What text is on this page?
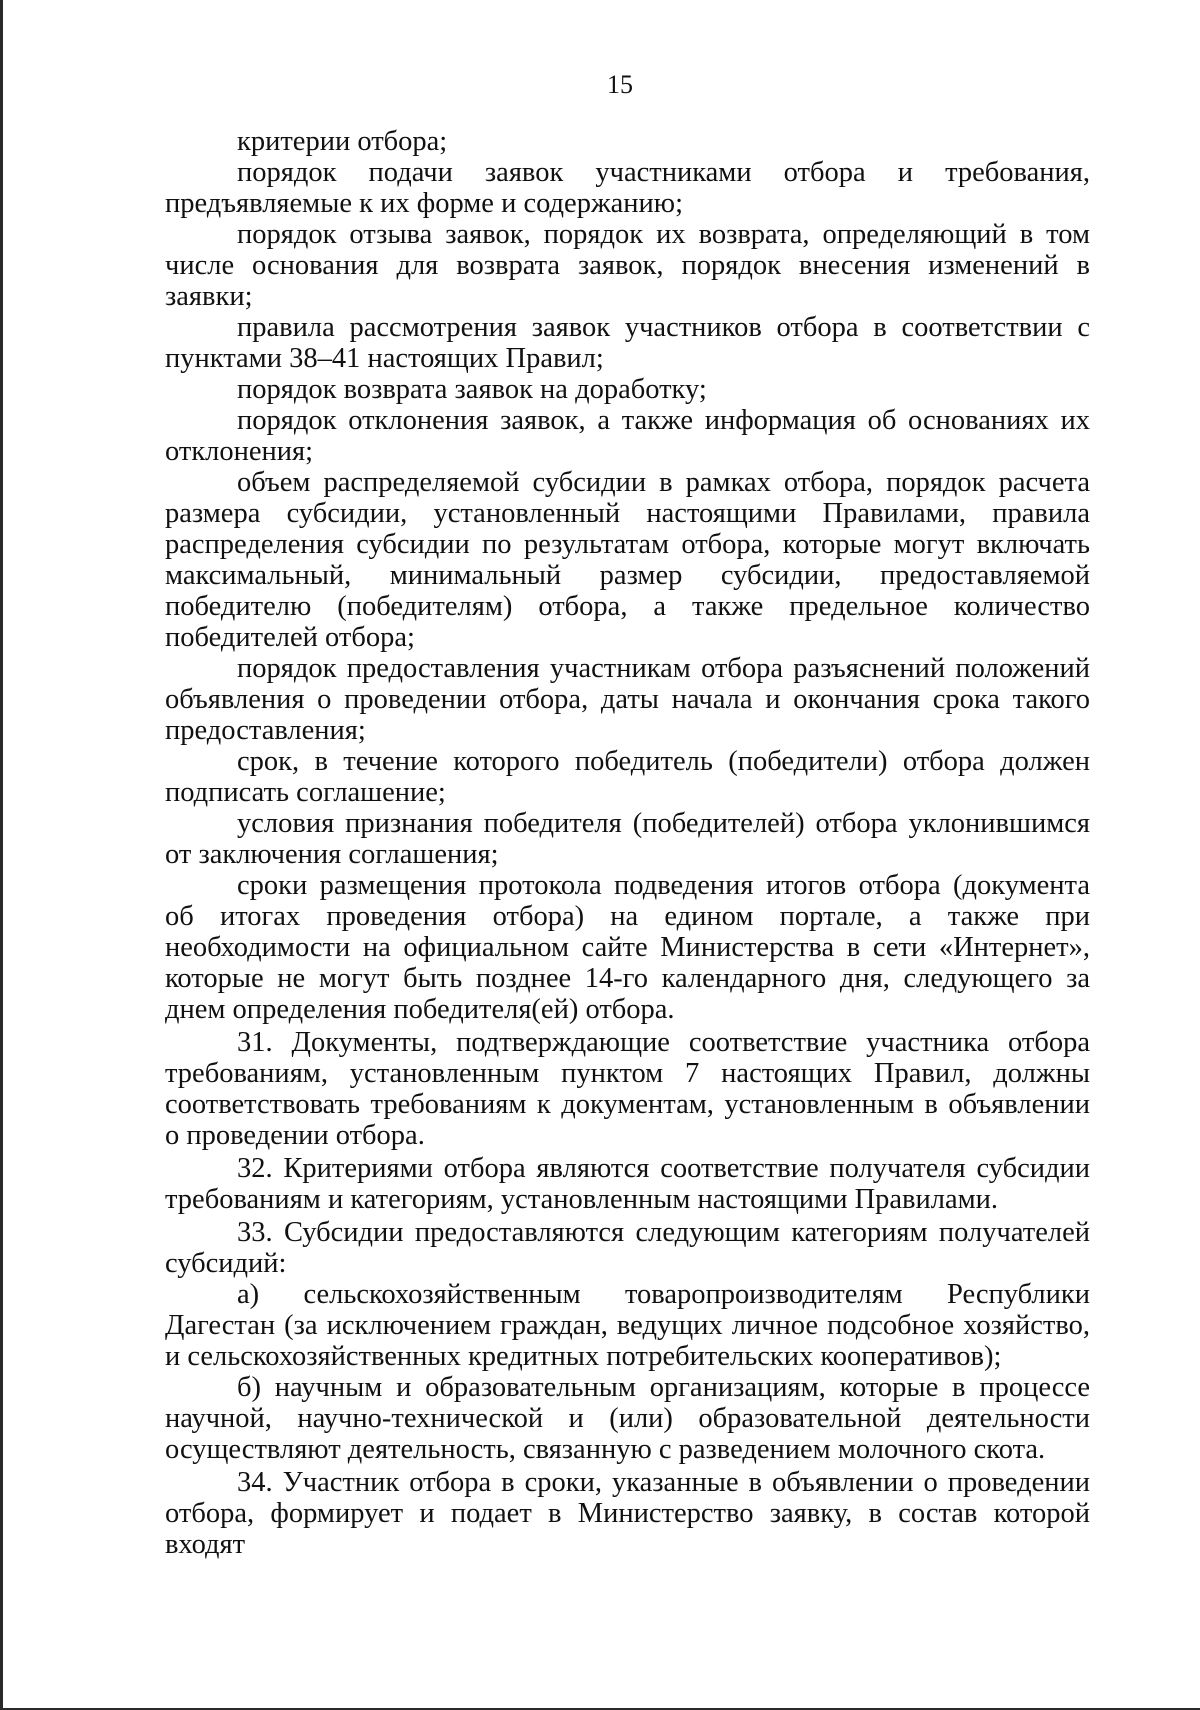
15

критерии отбора;

порядок подачи заявок участниками отбора и требования, предъявляемые к их форме и содержанию;

порядок отзыва заявок, порядок их возврата, определяющий в том числе основания для возврата заявок, порядок внесения изменений в заявки;

правила рассмотрения заявок участников отбора в соответствии с пунктами 38–41 настоящих Правил;

порядок возврата заявок на доработку;

порядок отклонения заявок, а также информация об основаниях их отклонения;

объем распределяемой субсидии в рамках отбора, порядок расчета размера субсидии, установленный настоящими Правилами, правила распределения субсидии по результатам отбора, которые могут включать максимальный, минимальный размер субсидии, предоставляемой победителю (победителям) отбора, а также предельное количество победителей отбора;

порядок предоставления участникам отбора разъяснений положений объявления о проведении отбора, даты начала и окончания срока такого предоставления;

срок, в течение которого победитель (победители) отбора должен подписать соглашение;

условия признания победителя (победителей) отбора уклонившимся от заключения соглашения;

сроки размещения протокола подведения итогов отбора (документа об итогах проведения отбора) на едином портале, а также при необходимости на официальном сайте Министерства в сети «Интернет», которые не могут быть позднее 14-го календарного дня, следующего за днем определения победителя(ей) отбора.

31. Документы, подтверждающие соответствие участника отбора требованиям, установленным пунктом 7 настоящих Правил, должны соответствовать требованиям к документам, установленным в объявлении о проведении отбора.

32. Критериями отбора являются соответствие получателя субсидии требованиям и категориям, установленным настоящими Правилами.

33. Субсидии предоставляются следующим категориям получателей субсидий:

а) сельскохозяйственным товаропроизводителям Республики Дагестан (за исключением граждан, ведущих личное подсобное хозяйство, и сельскохозяйственных кредитных потребительских кооперативов);

б) научным и образовательным организациям, которые в процессе научной, научно-технической и (или) образовательной деятельности осуществляют деятельность, связанную с разведением молочного скота.

34. Участник отбора в сроки, указанные в объявлении о проведении отбора, формирует и подает в Министерство заявку, в состав которой входят
